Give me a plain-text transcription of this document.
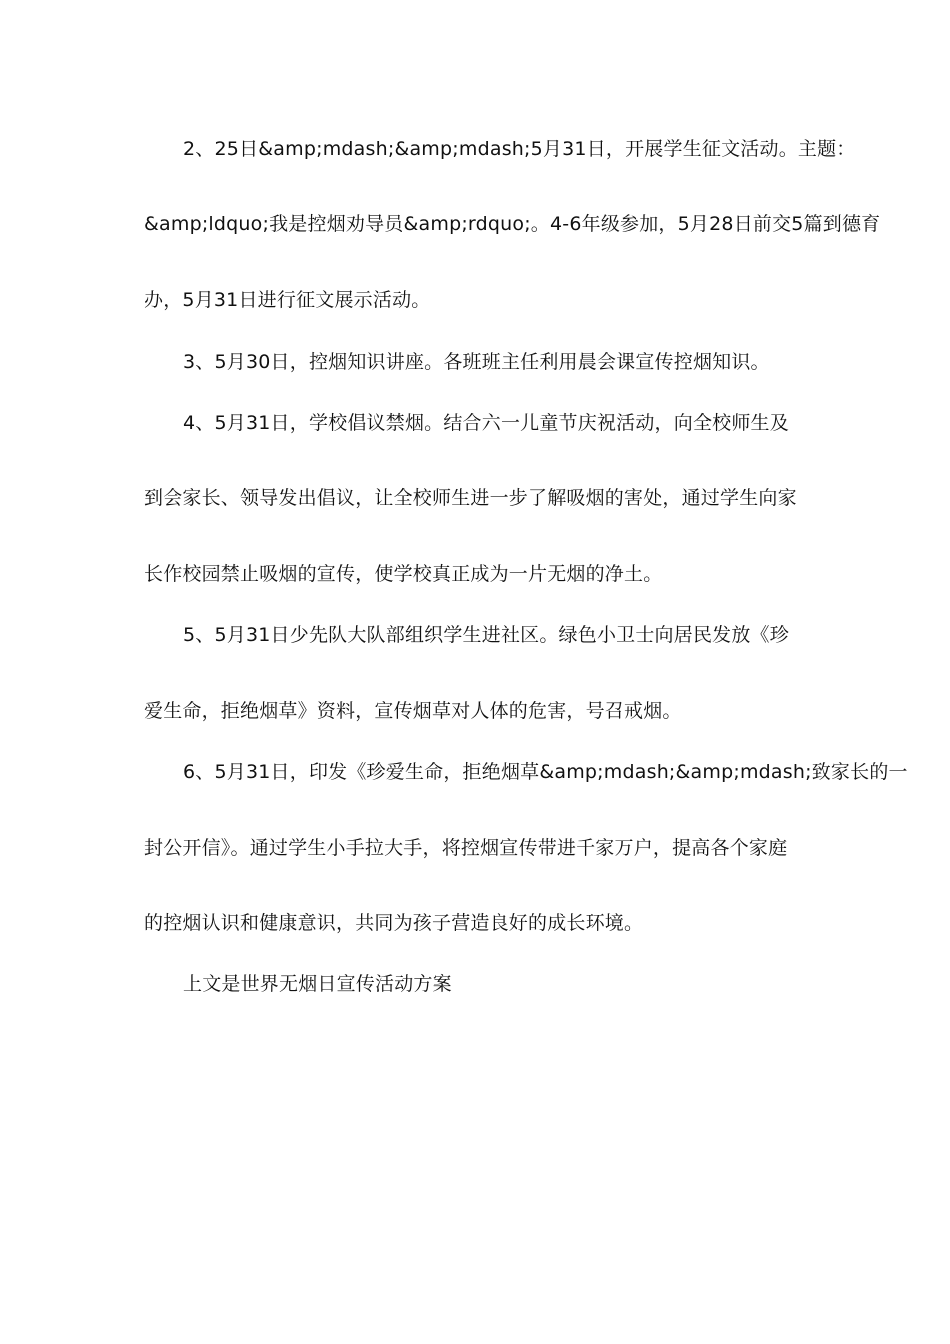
2、25日&amp;mdash;&amp;mdash;5月31日，开展学生征文活动。主题：
&amp;ldquo;我是控烟劝导员&amp;rdquo;。4-6年级参加，5月28日前交5篇到德育
办，5月31日进行征文展示活动。
3、5月30日，控烟知识讲座。各班班主任利用晨会课宣传控烟知识。
4、5月31日，学校倡议禁烟。结合六一儿童节庆祝活动，向全校师生及
到会家长、领导发出倡议，让全校师生进一步了解吸烟的害处，通过学生向家
长作校园禁止吸烟的宣传，使学校真正成为一片无烟的净土。
5、5月31日少先队大队部组织学生进社区。绿色小卫士向居民发放《珍
爱生命，拒绝烟草》资料，宣传烟草对人体的危害，号召戒烟。
6、5月31日，印发《珍爱生命，拒绝烟草&amp;mdash;&amp;mdash;致家长的一
封公开信》。通过学生小手拉大手，将控烟宣传带进千家万户，提高各个家庭
的控烟认识和健康意识，共同为孩子营造良好的成长环境。
上文是世界无烟日宣传活动方案
